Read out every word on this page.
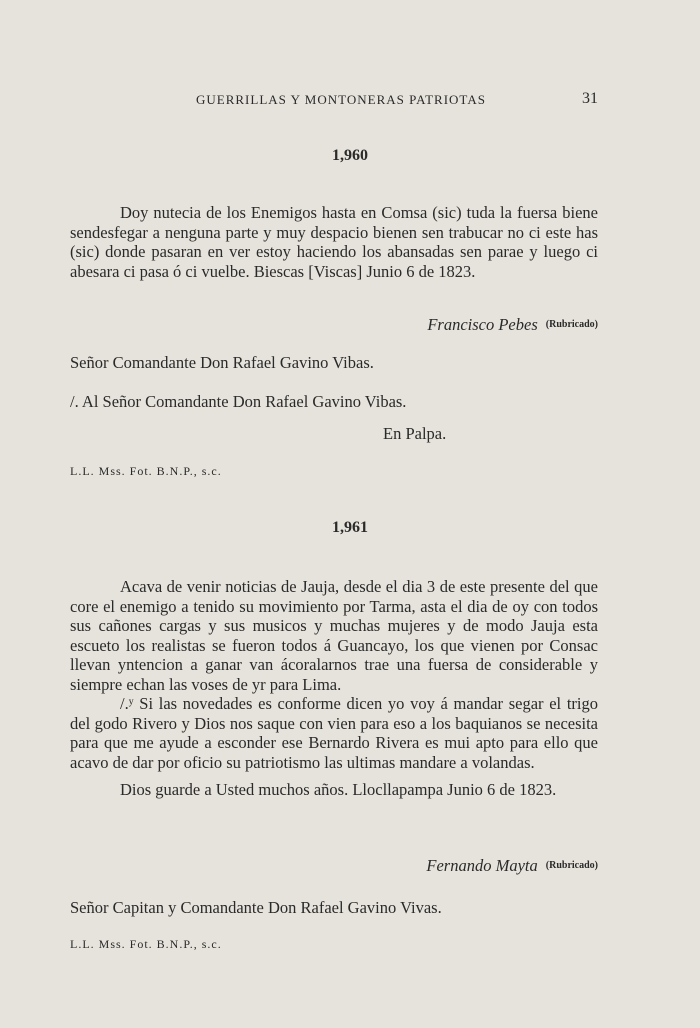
GUERRILLAS Y MONTONERAS PATRIOTAS	31
1,960

Doy nutecia de los Enemigos hasta en Comsa (sic) tuda la fuersa biene sendesfegar a nenguna parte y muy despacio bienen sen trabucar no ci este has (sic) donde pasaran en ver estoy haciendo los abansadas sen parae y luego ci abesara ci pasa ó ci vuelbe. Biescas [Viscas] Junio 6 de 1823.

Francisco Pebes (Rubricado)
Señor Comandante Don Rafael Gavino Vibas.
/. Al Señor Comandante Don Rafael Gavino Vibas.
En Palpa.
L.L. Mss. Fot. B.N.P., s.c.
1,961

Acava de venir noticias de Jauja, desde el dia 3 de este presente del que core el enemigo a tenido su movimiento por Tarma, asta el dia de oy con todos sus cañones cargas y sus musicos y muchas mujeres y de modo Jauja esta escueto los realistas se fueron todos á Guancayo, los que vienen por Consac llevan yntencion a ganar van ácoralarnos trae una fuersa de considerable y siempre echan las voses de yr para Lima.

/.ʸ Si las novedades es conforme dicen yo voy á mandar segar el trigo del godo Rivero y Dios nos saque con vien para eso a los baquianos se necesita para que me ayude a esconder ese Bernardo Rivera es mui apto para ello que acavo de dar por oficio su patriotismo las ultimas mandare a volandas.

Dios guarde a Usted muchos años. Llocllapampa Junio 6 de 1823.

Fernando Mayta (Rubricado)
Señor Capitan y Comandante Don Rafael Gavino Vivas.
L.L. Mss. Fot. B.N.P., s.c.
